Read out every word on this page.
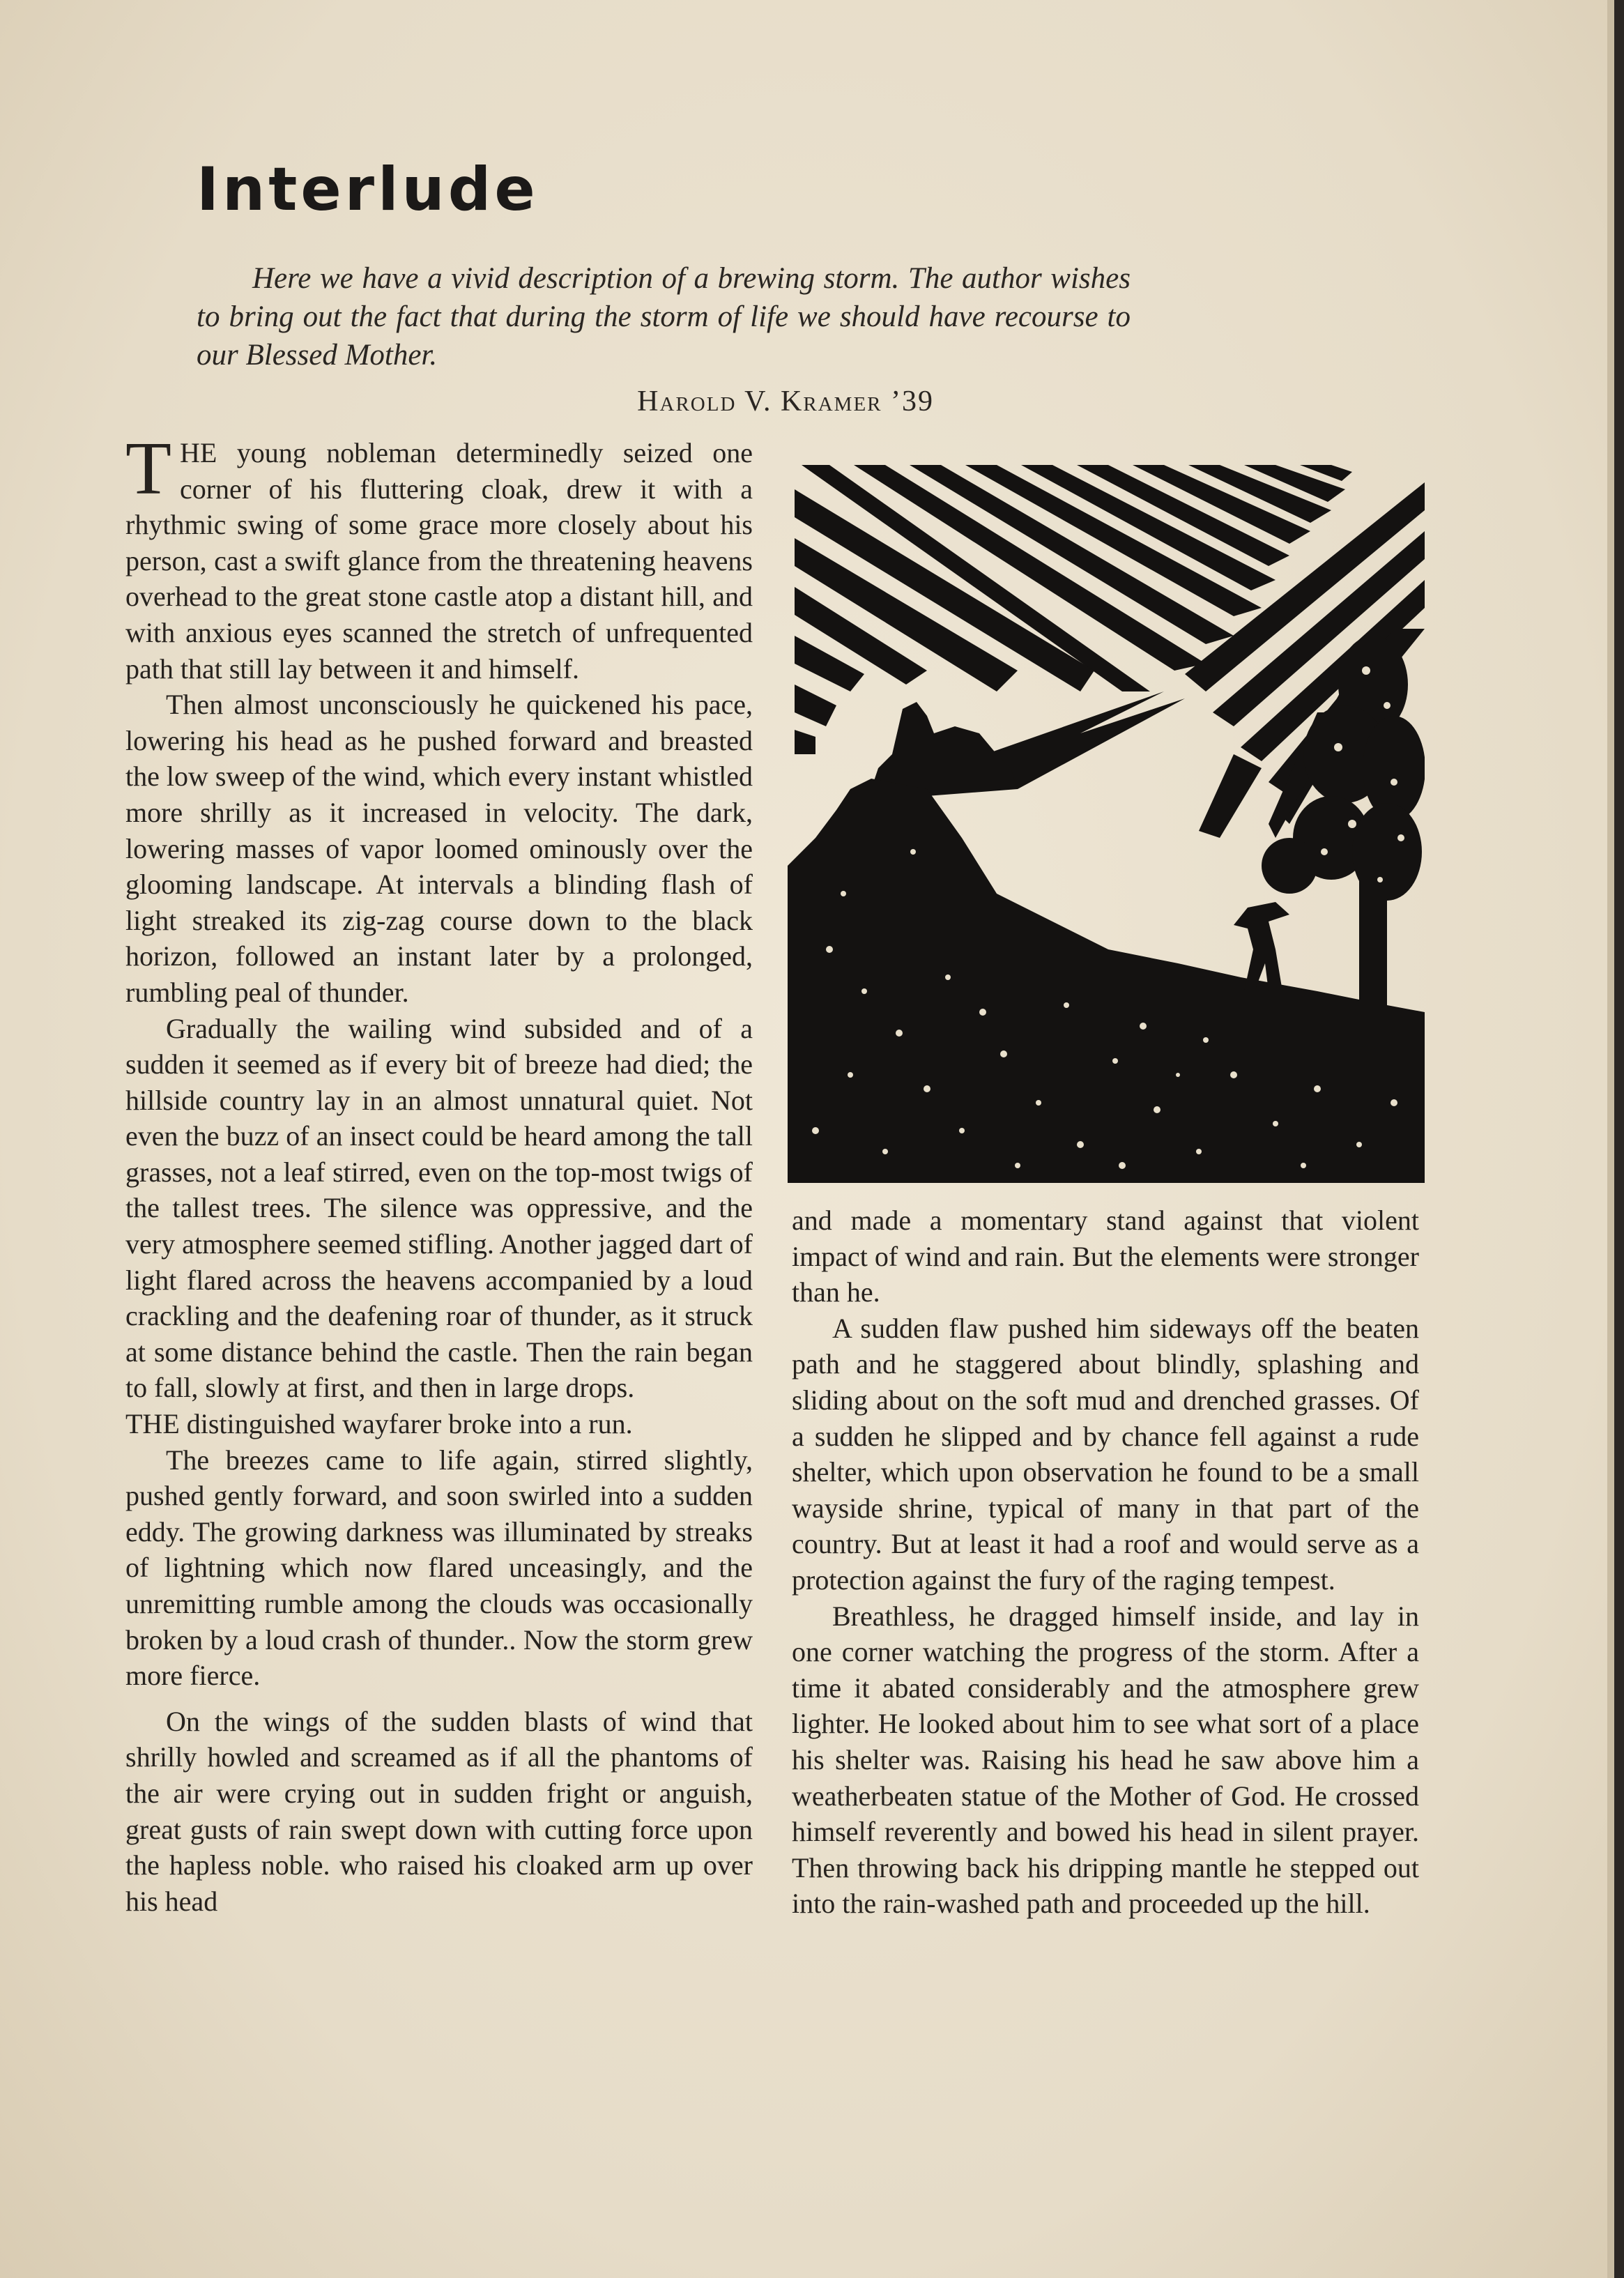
Interlude

Here we have a vivid description of a brewing storm. The author wishes to bring out the fact that during the storm of life we should have recourse to our Blessed Mother.

Harold V. Kramer ’39

THE young nobleman determinedly seized one corner of his fluttering cloak, drew it with a rhythmic swing of some grace more closely about his person, cast a swift glance from the threatening heavens overhead to the great stone castle atop a distant hill, and with anxious eyes scanned the stretch of unfrequented path that still lay between it and himself.

Then almost unconsciously he quickened his pace, lowering his head as he pushed forward and breasted the low sweep of the wind, which every instant whistled more shrilly as it increased in velocity. The dark, lowering masses of vapor loomed ominously over the glooming landscape. At intervals a blinding flash of light streaked its zig-zag course down to the black horizon, followed an instant later by a prolonged, rumbling peal of thunder.

Gradually the wailing wind subsided and of a sudden it seemed as if every bit of breeze had died; the hillside country lay in an almost unnatural quiet. Not even the buzz of an insect could be heard among the tall grasses, not a leaf stirred, even on the top-most twigs of the tallest trees. The silence was oppressive, and the very atmosphere seemed stifling. Another jagged dart of light flared across the heavens accompanied by a loud crackling and the deafening roar of thunder, as it struck at some distance behind the castle. Then the rain began to fall, slowly at first, and then in large drops.

THE distinguished wayfarer broke into a run.

The breezes came to life again, stirred slightly, pushed gently forward, and soon swirled into a sudden eddy. The growing darkness was illuminated by streaks of lightning which now flared unceasingly, and the unremitting rumble among the clouds was occasionally broken by a loud crash of thunder.. Now the storm grew more fierce.

On the wings of the sudden blasts of wind that shrilly howled and screamed as if all the phantoms of the air were crying out in sudden fright or anguish, great gusts of rain swept down with cutting force upon the hapless noble. who raised his cloaked arm up over his head

and made a momentary stand against that violent impact of wind and rain. But the elements were stronger than he.

A sudden flaw pushed him sideways off the beaten path and he staggered about blindly, splashing and sliding about on the soft mud and drenched grasses. Of a sudden he slipped and by chance fell against a rude shelter, which upon observation he found to be a small wayside shrine, typical of many in that part of the country. But at least it had a roof and would serve as a protection against the fury of the raging tempest.

Breathless, he dragged himself inside, and lay in one corner watching the progress of the storm. After a time it abated considerably and the atmosphere grew lighter. He looked about him to see what sort of a place his shelter was. Raising his head he saw above him a weatherbeaten statue of the Mother of God. He crossed himself reverently and bowed his head in silent prayer. Then throwing back his dripping mantle he stepped out into the rain-washed path and proceeded up the hill.
